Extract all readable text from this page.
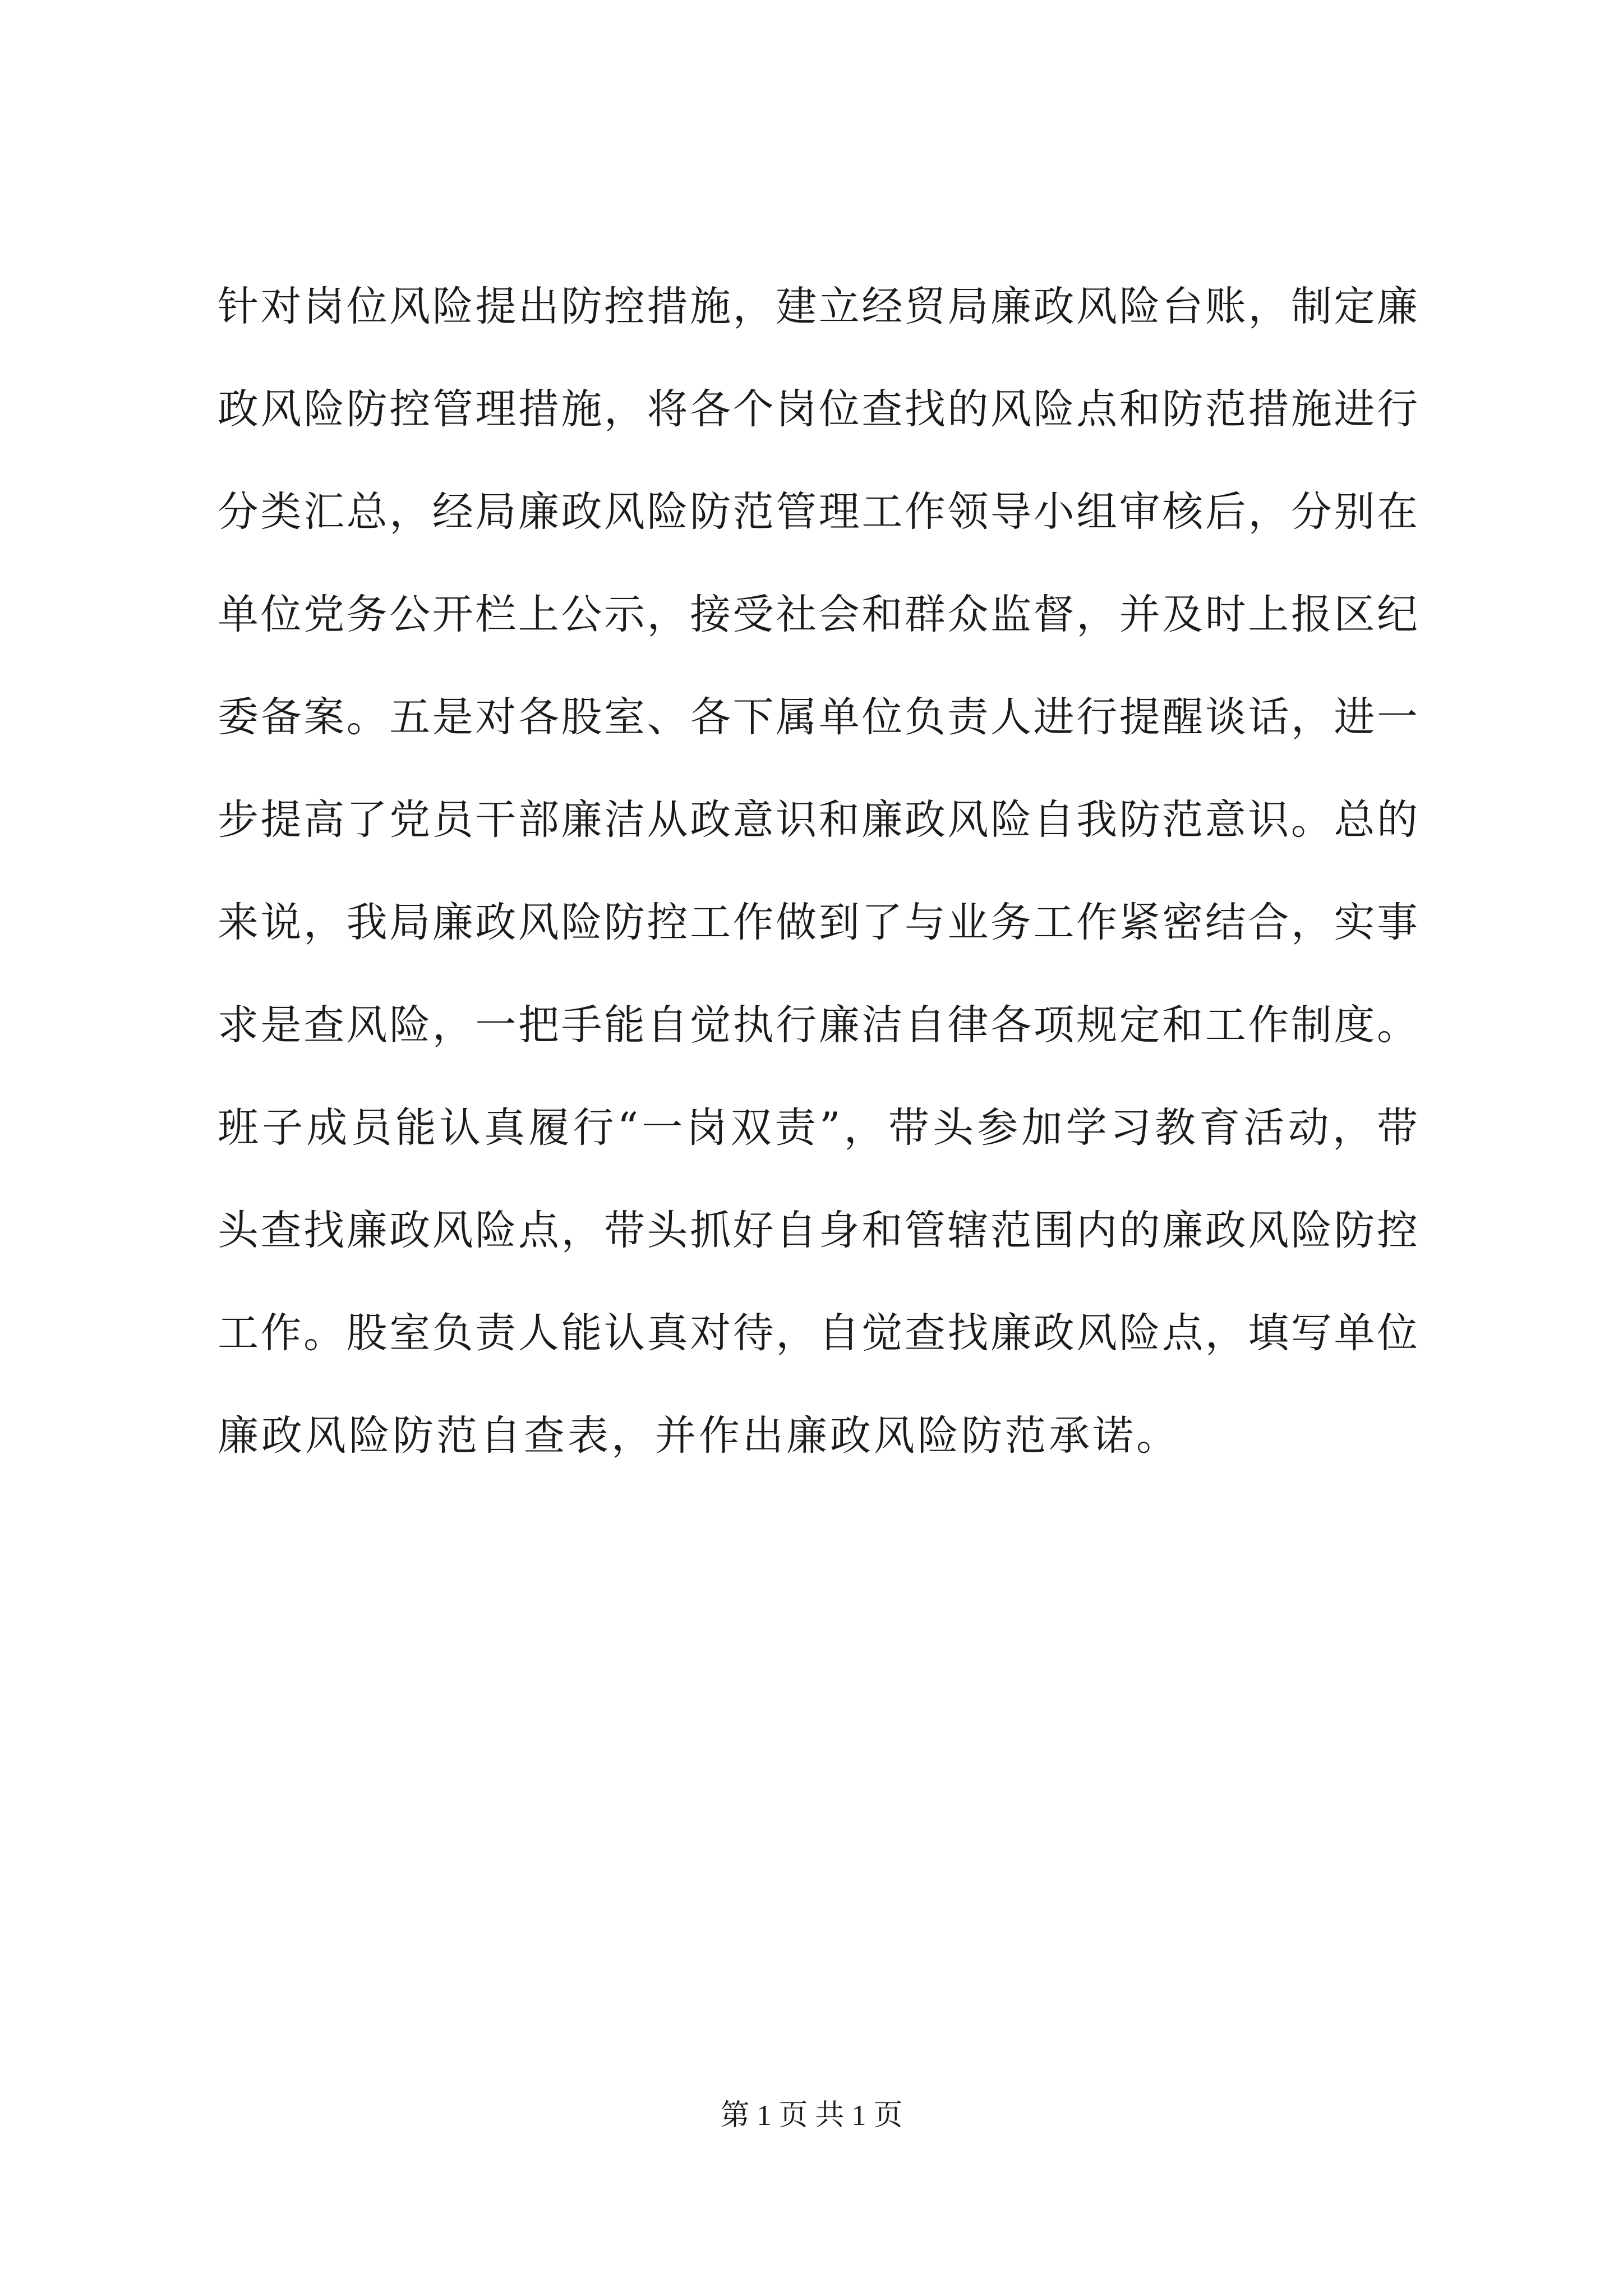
针对岗位风险提出防控措施，建立经贸局廉政风险台账，制定廉
政风险防控管理措施，将各个岗位查找的风险点和防范措施进行
分类汇总，经局廉政风险防范管理工作领导小组审核后，分别在
单位党务公开栏上公示，接受社会和群众监督，并及时上报区纪
委备案。五是对各股室、各下属单位负责人进行提醒谈话，进一
步提高了党员干部廉洁从政意识和廉政风险自我防范意识。总的
来说，我局廉政风险防控工作做到了与业务工作紧密结合，实事
求是查风险，一把手能自觉执行廉洁自律各项规定和工作制度。
班子成员能认真履行“一岗双责”，带头参加学习教育活动，带
头查找廉政风险点，带头抓好自身和管辖范围内的廉政风险防控
工作。股室负责人能认真对待，自觉查找廉政风险点，填写单位
廉政风险防范自查表，并作出廉政风险防范承诺。
第 1 页 共 1 页
